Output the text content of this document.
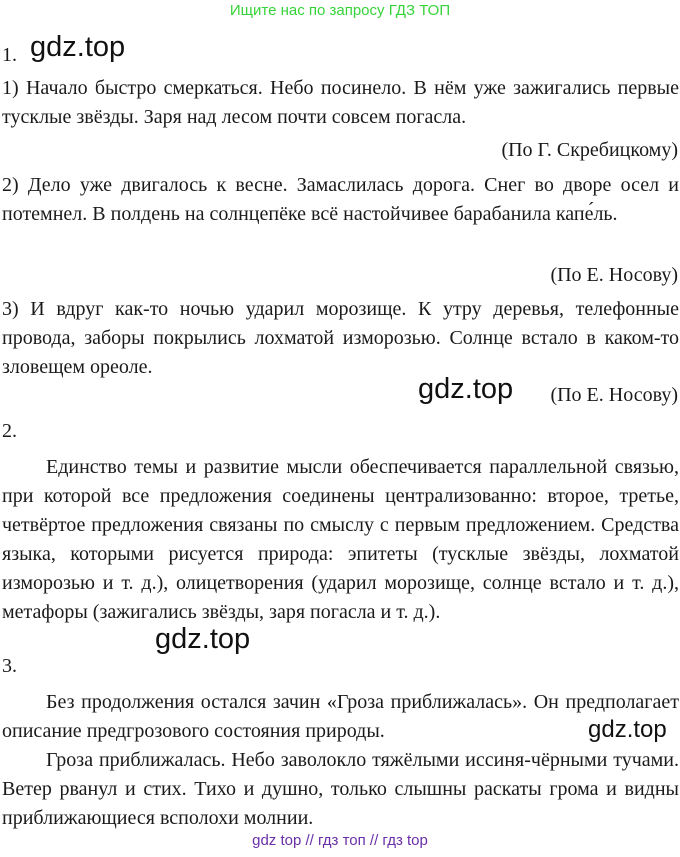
Ищите нас по запросу ГДЗ ТОП
1. gdz.top

1) Начало быстро смеркаться. Небо посинело. В нём уже зажигались первые тусклые звёзды. Заря над лесом почти совсем погасла.

(По Г. Скребицкому)

2) Дело уже двигалось к весне. Замаслилась дорога. Снег во дворе осел и потемнел. В полдень на солнцепёке всё настойчивее барабанила капе́ль.

(По Е. Носову)

3) И вдруг как-то ночью ударил морозище. К утру деревья, телефонные провода, заборы покрылись лохматой изморозью. Солнце встало в каком-то зловещем ореоле.

gdz.top (По Е. Носову)
2.

Единство темы и развитие мысли обеспечивается параллельной связью, при которой все предложения соединены централизованно: второе, третье, четвёртое предложения связаны по смыслу с первым предложением. Средства языка, которыми рисуется природа: эпитеты (тусклые звёзды, лохматой изморозью и т. д.), олицетворения (ударил морозище, солнце встало и т. д.), метафоры (зажигались звёзды, заря погасла и т. д.).

gdz.top
3.

Без продолжения остался зачин «Гроза приближалась». Он предполагает описание предгрозового состояния природы.	gdz.top

Гроза приближалась. Небо заволокло тяжёлыми иссиня-чёрными тучами. Ветер рванул и стих. Тихо и душно, только слышны раскаты грома и видны приближающиеся всполохи молнии.

gdz top // гдз топ // гдз top
